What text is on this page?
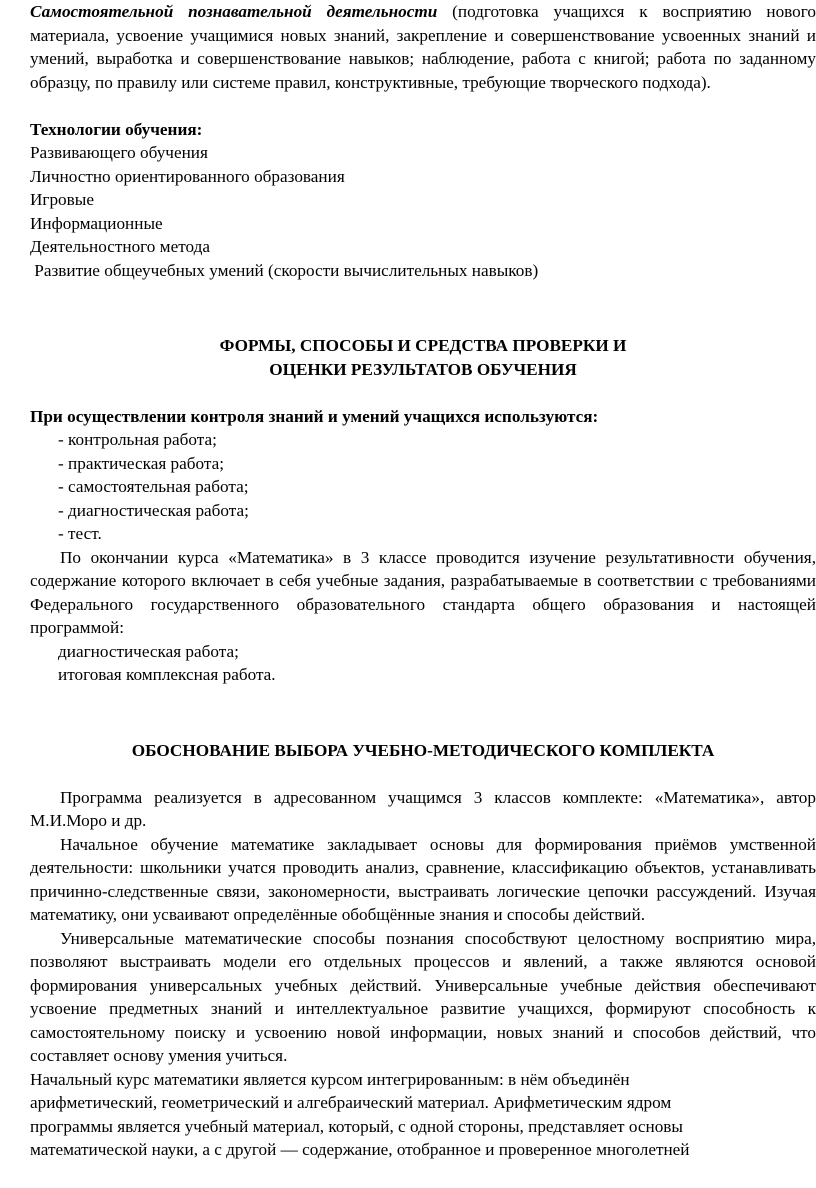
Самостоятельной познавательной деятельности (подготовка учащихся к восприятию нового материала, усвоение учащимися новых знаний, закрепление и совершенствование усвоенных знаний и умений, выработка и совершенствование навыков; наблюдение, работа с книгой; работа по заданному образцу, по правилу или системе правил, конструктивные, требующие творческого подхода).

Технологии обучения:

Развивающего обучения

Личностно ориентированного образования

Игровые

Информационные

Деятельностного метода

Развитие общеучебных умений (скорости вычислительных навыков)

ФОРМЫ, СПОСОБЫ И СРЕДСТВА ПРОВЕРКИ И

ОЦЕНКИ РЕЗУЛЬТАТОВ ОБУЧЕНИЯ

При осуществлении контроля знаний и умений учащихся используются:

- контрольная работа;
- практическая работа;
- самостоятельная работа;
- диагностическая работа;
- тест.

По окончании курса «Математика» в 3 классе проводится изучение результативности обучения, содержание которого включает в себя учебные задания, разрабатываемые в соответствии с требованиями Федерального государственного образовательного стандарта общего образования и настоящей программой:

диагностическая работа;

итоговая комплексная работа.

ОБОСНОВАНИЕ ВЫБОРА УЧЕБНО-МЕТОДИЧЕСКОГО КОМПЛЕКТА

Программа реализуется в адресованном учащимся 3 классов комплекте: «Математика», автор М.И.Моро и др.

Начальное обучение математике закладывает основы для формирования приёмов умственной деятельности: школьники учатся проводить анализ, сравнение, классификацию объектов, устанавливать причинно-следственные связи, закономерности, выстраивать логические цепочки рассуждений. Изучая математику, они усваивают определённые обобщённые знания и способы действий.

Универсальные математические способы познания способствуют целостному восприятию мира, позволяют выстраивать модели его отдельных процессов и явлений, а также являются основой формирования универсальных учебных действий. Универсальные учебные действия обеспечивают усвоение предметных знаний и интеллектуальное развитие учащихся, формируют способность к самостоятельному поиску и усвоению новой информации, новых знаний и способов действий, что составляет основу умения учиться.

Начальный курс математики является курсом интегрированным: в нём объединён

арифметический, геометрический и алгебраический материал. Арифметическим ядром

программы является учебный материал, который, с одной стороны, представляет основы

математической науки, а с другой — содержание, отобранное и проверенное многолетней
